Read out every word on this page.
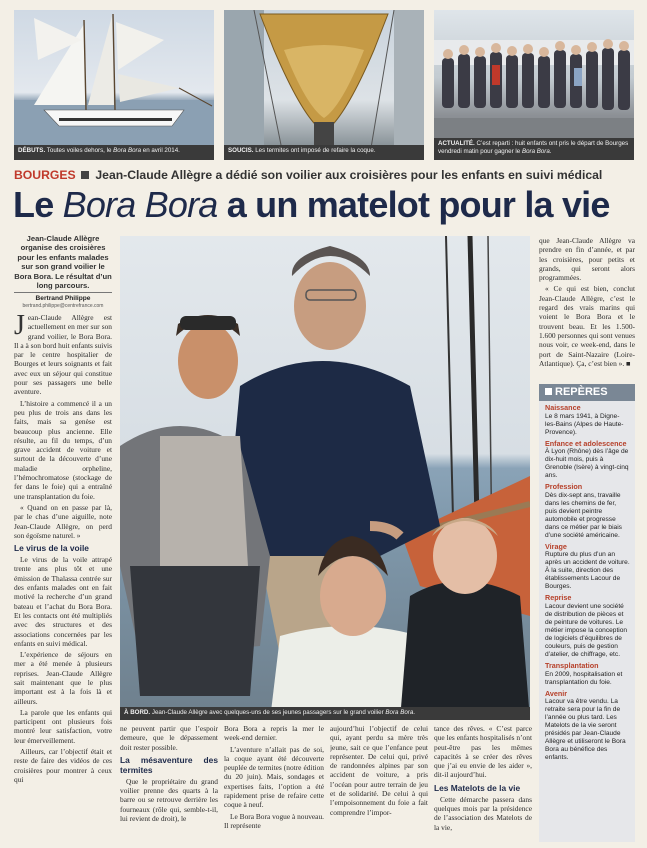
DÉBUTS. Toutes voiles dehors, le Bora Bora en avril 2014.	SOUCIS. Les termites ont imposé de refaire la coque.
ACTUALITÉ. C’est reparti : huit enfants ont pris le départ de Bourges vendredi matin pour gagner le Bora Bora.
BOURGES Jean-Claude Allègre a dédié son voilier aux croisières pour les enfants en suivi médical
Le Bora Bora a un matelot pour la vie
Jean-Claude Allègre organise des croisières pour les enfants malades sur son grand voilier le Bora Bora. Le résultat d’un long parcours.
Bertrand Philippe
bertrand.philippe@centrefrance.com

Jean-Claude Allègre est actuellement en mer sur son grand voilier, le Bora Bora. Il a à son bord huit enfants suivis par le centre hospitalier de Bourges et leurs soignants et fait avec eux un séjour qui constitue pour ses passagers une belle aventure.

L’histoire a commencé il a un peu plus de trois ans dans les faits, mais sa genèse est beaucoup plus ancienne. Elle résulte, au fil du temps, d’un grave accident de voiture et surtout de la découverte d’une maladie orpheline, l’hémochromatose (stockage de fer dans le foie) qui a entraîné une transplantation du foie.

« Quand on en passe par là, par le chas d’une aiguille, note Jean-Claude Allègre, on perd son égoïsme naturel. »

Le virus de la voile

Le virus de la voile attrapé trente ans plus tôt et une émission de Thalassa centrée sur des enfants malades ont en fait motivé la recherche d’un grand bateau et l’achat du Bora Bora. Et les contacts ont été multipliés avec des structures et des associations concernées par les enfants en suivi médical.

L’expérience de séjours en mer a été menée à plusieurs reprises. Jean-Claude Allègre sait maintenant que le plus important est à la fois là et ailleurs.

La parole que les enfants qui participent ont plusieurs fois montré leur satisfaction, votre leur émerveillement.

Ailleurs, car l’objectif était et reste de faire des vidéos de ces croisières pour montrer à ceux qui

À BORD. Jean-Claude Allègre avec quelques-uns de ses jeunes passagers sur le grand voilier Bora Bora.

ne peuvent partir que l’espoir demeure, que le dépassement doit rester possible.

La mésaventure des termites

Que le propriétaire du grand voilier prenne des quarts à la barre ou se retrouve derrière les fourneaux (rôle qui, semble-t-il, lui revient de droit), le

Bora Bora a repris la mer le week-end dernier.

L’aventure n’allait pas de soi, la coque ayant été découverte peuplée de termites (notre édition du 20 juin). Mais, sondages et expertises faits, l’option a été rapidement prise de refaire cette coque à neuf.

Le Bora Bora vogue à nouveau. Il représente

aujourd’hui l’objectif de celui qui, ayant perdu sa mère très jeune, sait ce que l’enfance peut représenter. De celui qui, privé de randonnées alpines par son accident de voiture, a pris l’océan pour autre terrain de jeu et de solidarité. De celui à qui l’empoisonnement du foie a fait comprendre l’impor-

tance des rêves. « C’est parce que les enfants hospitalisés n’ont peut-être pas les mêmes capacités à se créer des rêves que j’ai eu envie de les aider », dit-il aujourd’hui.

Les Matelots de la vie

Cette démarche passera dans quelques mois par la présidence de l’association des Matelots de la vie,

que Jean-Claude Allègre va prendre en fin d’année, et par les croisières, pour petits et grands, qui seront alors programmées.

« Ce qui est bien, conclut Jean-Claude Allègre, c’est le regard des vrais marins qui voient le Bora Bora et le trouvent beau. Et les 1.500-1.600 personnes qui sont venues nous voir, ce week-end, dans le port de Saint-Nazaire (Loire-Atlantique). Ça, c’est bien ». ■

REPÈRES
Naissance
Le 8 mars 1941, à Digne-les-Bains (Alpes de Haute-Provence).
Enfance et adolescence
À Lyon (Rhône) dès l’âge de dix-huit mois, puis à Grenoble (Isère) à vingt-cinq ans.
Profession
Dès dix-sept ans, travaille dans les chemins de fer, puis devient peintre automobile et progresse dans ce métier par le biais d’une société américaine.
Virage
Rupture du plus d’un an après un accident de voiture. À la suite, direction des établissements Lacour de Bourges.
Reprise
Lacour devient une société de distribution de pièces et de peinture de voitures. Le métier impose la conception de logiciels d’équilibres de couleurs, puis de gestion d’atelier, de chiffrage, etc.
Transplantation
En 2009, hospitalisation et transplantation du foie.
Avenir
Lacour va être vendu. La retraite sera pour la fin de l’année ou plus tard. Les Matelots de la vie seront présidés par Jean-Claude Allègre et utiliseront le Bora Bora au bénéfice des enfants.
